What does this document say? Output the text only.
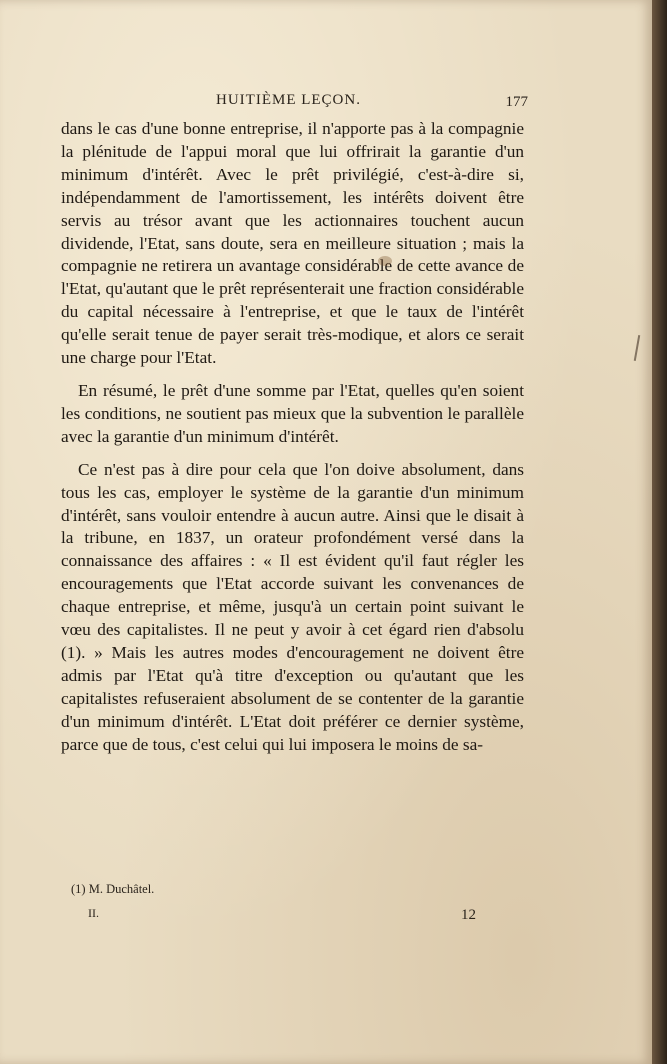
HUITIÈME LEÇON.	177

dans le cas d'une bonne entreprise, il n'apporte pas à la compagnie la plénitude de l'appui moral que lui offrirait la garantie d'un minimum d'intérêt. Avec le prêt privilégié, c'est-à-dire si, indépendamment de l'amortissement, les intérêts doivent être servis au trésor avant que les actionnaires touchent aucun dividende, l'Etat, sans doute, sera en meilleure situation ; mais la compagnie ne retirera un avantage considérable de cette avance de l'Etat, qu'autant que le prêt représenterait une fraction considérable du capital nécessaire à l'entreprise, et que le taux de l'intérêt qu'elle serait tenue de payer serait très-modique, et alors ce serait une charge pour l'Etat.

En résumé, le prêt d'une somme par l'Etat, quelles qu'en soient les conditions, ne soutient pas mieux que la subvention le parallèle avec la garantie d'un minimum d'intérêt.

Ce n'est pas à dire pour cela que l'on doive absolument, dans tous les cas, employer le système de la garantie d'un minimum d'intérêt, sans vouloir entendre à aucun autre. Ainsi que le disait à la tribune, en 1837, un orateur profondément versé dans la connaissance des affaires : « Il est évident qu'il faut régler les encouragements que l'Etat accorde suivant les convenances de chaque entreprise, et même, jusqu'à un certain point suivant le vœu des capitalistes. Il ne peut y avoir à cet égard rien d'absolu (1). » Mais les autres modes d'encouragement ne doivent être admis par l'Etat qu'à titre d'exception ou qu'autant que les capitalistes refuseraient absolument de se contenter de la garantie d'un minimum d'intérêt. L'Etat doit préférer ce dernier système, parce que de tous, c'est celui qui lui imposera le moins de sa-

(1) M. Duchâtel.
II.	12
